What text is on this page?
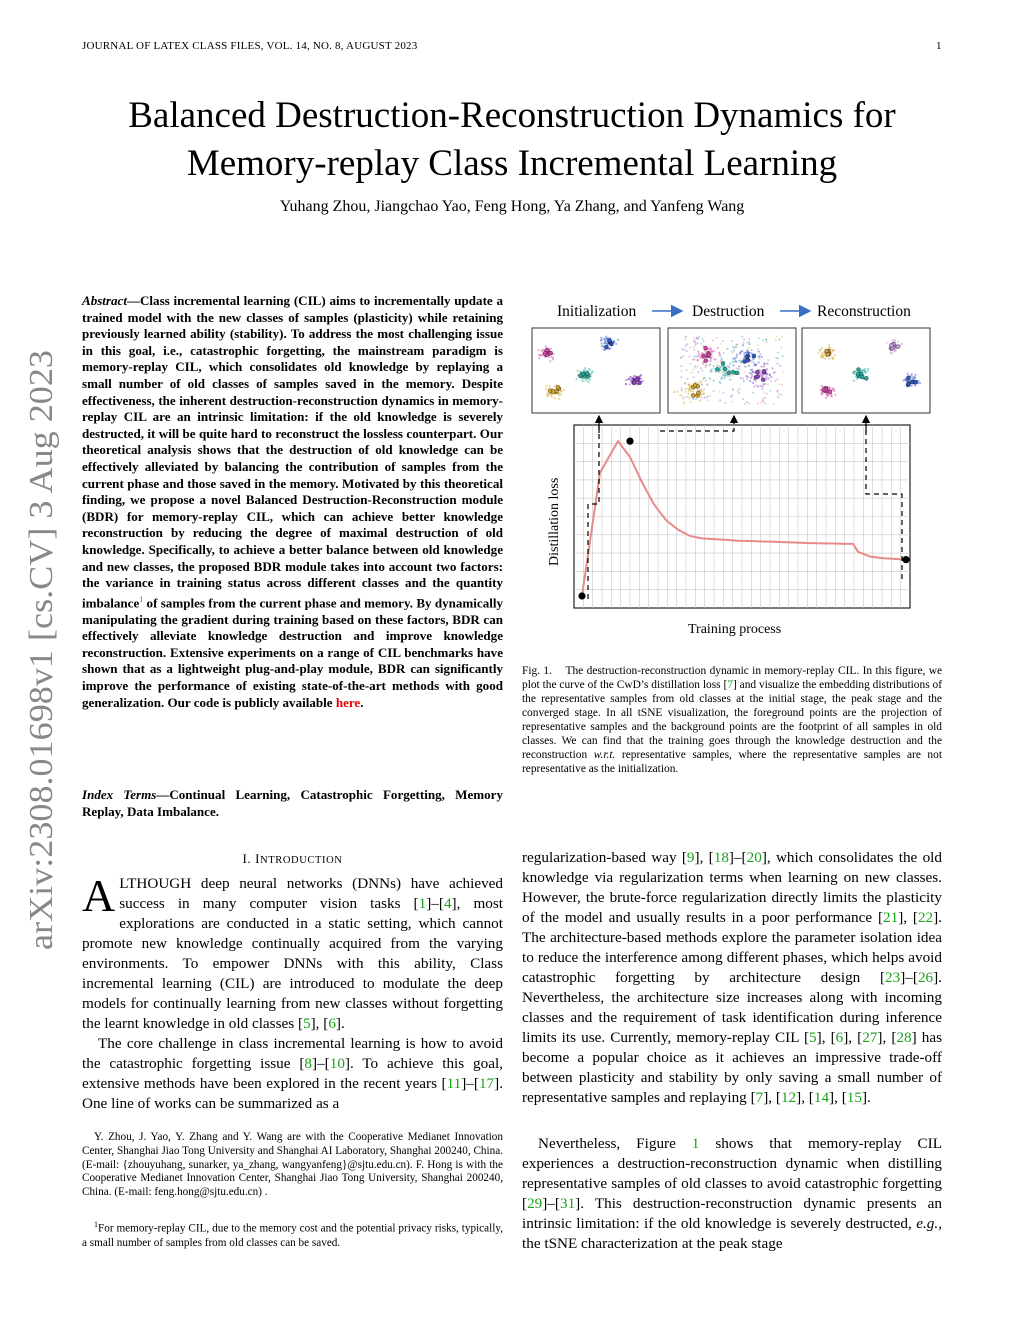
JOURNAL OF LATEX CLASS FILES, VOL. 14, NO. 8, AUGUST 2023	1
arXiv:2308.01698v1 [cs.CV] 3 Aug 2023
Balanced Destruction-Reconstruction Dynamics for
Memory-replay Class Incremental Learning
Yuhang Zhou, Jiangchao Yao, Feng Hong, Ya Zhang, and Yanfeng Wang
Abstract—Class incremental learning (CIL) aims to incrementally update a trained model with the new classes of samples (plasticity) while retaining previously learned ability (stability). To address the most challenging issue in this goal, i.e., catastrophic forgetting, the mainstream paradigm is memory-replay CIL, which consolidates old knowledge by replaying a small number of old classes of samples saved in the memory. Despite effectiveness, the inherent destruction-reconstruction dynamics in memory-replay CIL are an intrinsic limitation: if the old knowledge is severely destructed, it will be quite hard to reconstruct the lossless counterpart. Our theoretical analysis shows that the destruction of old knowledge can be effectively alleviated by balancing the contribution of samples from the current phase and those saved in the memory. Motivated by this theoretical finding, we propose a novel Balanced Destruction-Reconstruction module (BDR) for memory-replay CIL, which can achieve better knowledge reconstruction by reducing the degree of maximal destruction of old knowledge. Specifically, to achieve a better balance between old knowledge and new classes, the proposed BDR module takes into account two factors: the variance in training status across different classes and the quantity imbalance$^1$ of samples from the current phase and memory. By dynamically manipulating the gradient during training based on these factors, BDR can effectively alleviate knowledge destruction and improve knowledge reconstruction. Extensive experiments on a range of CIL benchmarks have shown that as a lightweight plug-and-play module, BDR can significantly improve the performance of existing state-of-the-art methods with good generalization. Our code is publicly available here.
Index Terms—Continual Learning, Catastrophic Forgetting, Memory Replay, Data Imbalance.
I. INTRODUCTION
ALTHOUGH deep neural networks (DNNs) have achieved success in many computer vision tasks [1]–[4], most explorations are conducted in a static setting, which cannot promote new knowledge continually acquired from the varying environments. To empower DNNs with this ability, Class incremental learning (CIL) are introduced to modulate the deep models for continually learning from new classes without forgetting the learnt knowledge in old classes [5], [6].
The core challenge in class incremental learning is how to avoid the catastrophic forgetting issue [8]–[10]. To achieve this goal, extensive methods have been explored in the recent years [11]–[17]. One line of works can be summarized as a
Y. Zhou, J. Yao, Y. Zhang and Y. Wang are with the Cooperative Medianet Innovation Center, Shanghai Jiao Tong University and Shanghai AI Laboratory, Shanghai 200240, China. (E-mail: {zhouyuhang, sunarker, ya_zhang, wangyanfeng}@sjtu.edu.cn). F. Hong is with the Cooperative Medianet Innovation Center, Shanghai Jiao Tong University, Shanghai 200240, China. (E-mail: feng.hong@sjtu.edu.cn) .
$^1$For memory-replay CIL, due to the memory cost and the potential privacy risks, typically, a small number of samples from old classes can be saved.
Initialization	Destruction	Reconstruction
Distillation loss
Training process
Fig. 1. The destruction-reconstruction dynamic in memory-replay CIL. In this figure, we plot the curve of the CwD’s distillation loss [7] and visualize the embedding distributions of the representative samples from old classes at the initial stage, the peak stage and the converged stage. In all tSNE visualization, the foreground points are the projection of representative samples and the background points are the footprint of all samples in old classes. We can find that the training goes through the knowledge destruction and the reconstruction w.r.t. representative samples, where the representative samples are not representative as the initialization.
regularization-based way [9], [18]–[20], which consolidates the old knowledge via regularization terms when learning on new classes. However, the brute-force regularization directly limits the plasticity of the model and usually results in a poor performance [21], [22]. The architecture-based methods explore the parameter isolation idea to reduce the interference among different phases, which helps avoid catastrophic forgetting by architecture design [23]–[26]. Nevertheless, the architecture size increases along with incoming classes and the requirement of task identification during inference limits its use. Currently, memory-replay CIL [5], [6], [27], [28] has become a popular choice as it achieves an impressive trade-off between plasticity and stability by only saving a small number of representative samples and replaying [7], [12], [14], [15].
Nevertheless, Figure 1 shows that memory-replay CIL experiences a destruction-reconstruction dynamic when distilling representative samples of old classes to avoid catastrophic forgetting [29]–[31]. This destruction-reconstruction dynamic presents an intrinsic limitation: if the old knowledge is severely destructed, e.g., the tSNE characterization at the peak stage
